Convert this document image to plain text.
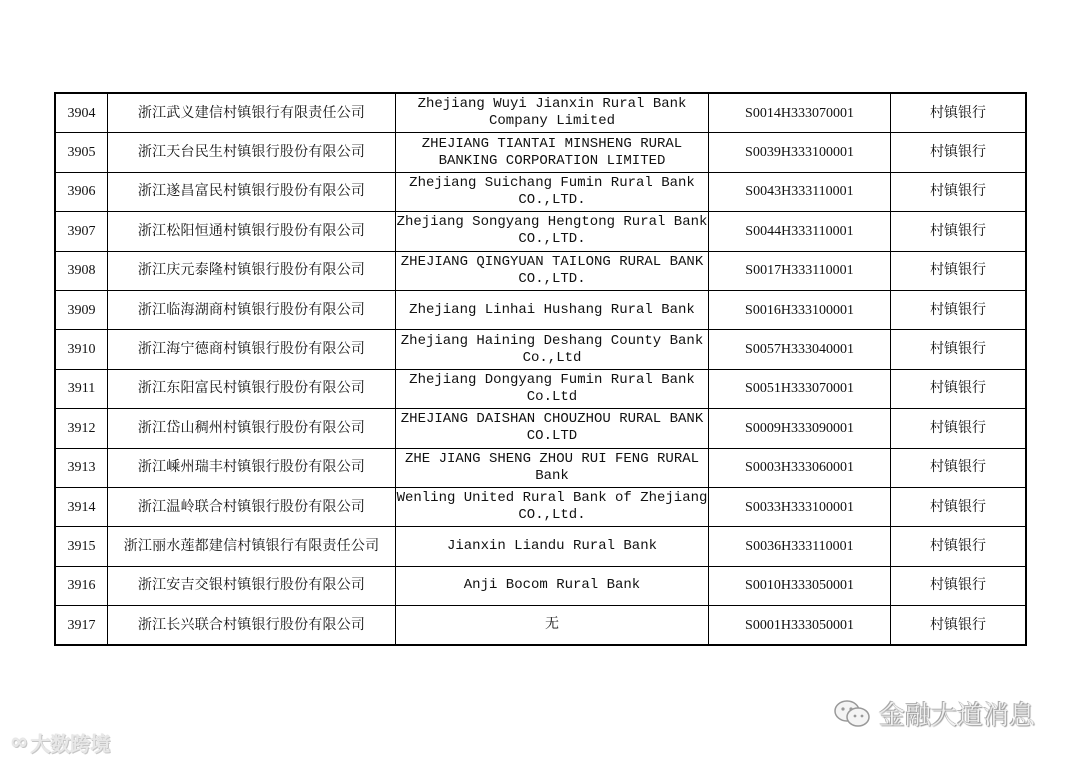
3904	浙江武义建信村镇银行有限责任公司	Zhejiang Wuyi Jianxin Rural Bank Company Limited	S0014H333070001	村镇银行
3905	浙江天台民生村镇银行股份有限公司	ZHEJIANG TIANTAI MINSHENG RURAL BANKING CORPORATION LIMITED	S0039H333100001	村镇银行
3906	浙江遂昌富民村镇银行股份有限公司	Zhejiang Suichang Fumin Rural Bank CO.,LTD.	S0043H333110001	村镇银行
3907	浙江松阳恒通村镇银行股份有限公司	Zhejiang Songyang Hengtong Rural Bank CO.,LTD.	S0044H333110001	村镇银行
3908	浙江庆元泰隆村镇银行股份有限公司	ZHEJIANG QINGYUAN TAILONG RURAL BANK CO.,LTD.	S0017H333110001	村镇银行
3909	浙江临海湖商村镇银行股份有限公司	Zhejiang Linhai Hushang Rural Bank	S0016H333100001	村镇银行
3910	浙江海宁德商村镇银行股份有限公司	Zhejiang Haining Deshang County Bank Co.,Ltd	S0057H333040001	村镇银行
3911	浙江东阳富民村镇银行股份有限公司	Zhejiang Dongyang Fumin Rural Bank Co.Ltd	S0051H333070001	村镇银行
3912	浙江岱山稠州村镇银行股份有限公司	ZHEJIANG DAISHAN CHOUZHOU RURAL BANK CO.LTD	S0009H333090001	村镇银行
3913	浙江嵊州瑞丰村镇银行股份有限公司	ZHE JIANG SHENG ZHOU RUI FENG RURAL Bank	S0003H333060001	村镇银行
3914	浙江温岭联合村镇银行股份有限公司	Wenling United Rural Bank of Zhejiang CO.,Ltd.	S0033H333100001	村镇银行
3915	浙江丽水莲都建信村镇银行有限责任公司	Jianxin Liandu Rural Bank	S0036H333110001	村镇银行
3916	浙江安吉交银村镇银行股份有限公司	Anji Bocom Rural Bank	S0010H333050001	村镇银行
3917	浙江长兴联合村镇银行股份有限公司	无	S0001H333050001	村镇银行
∞ 大数跨境
金融大道消息
